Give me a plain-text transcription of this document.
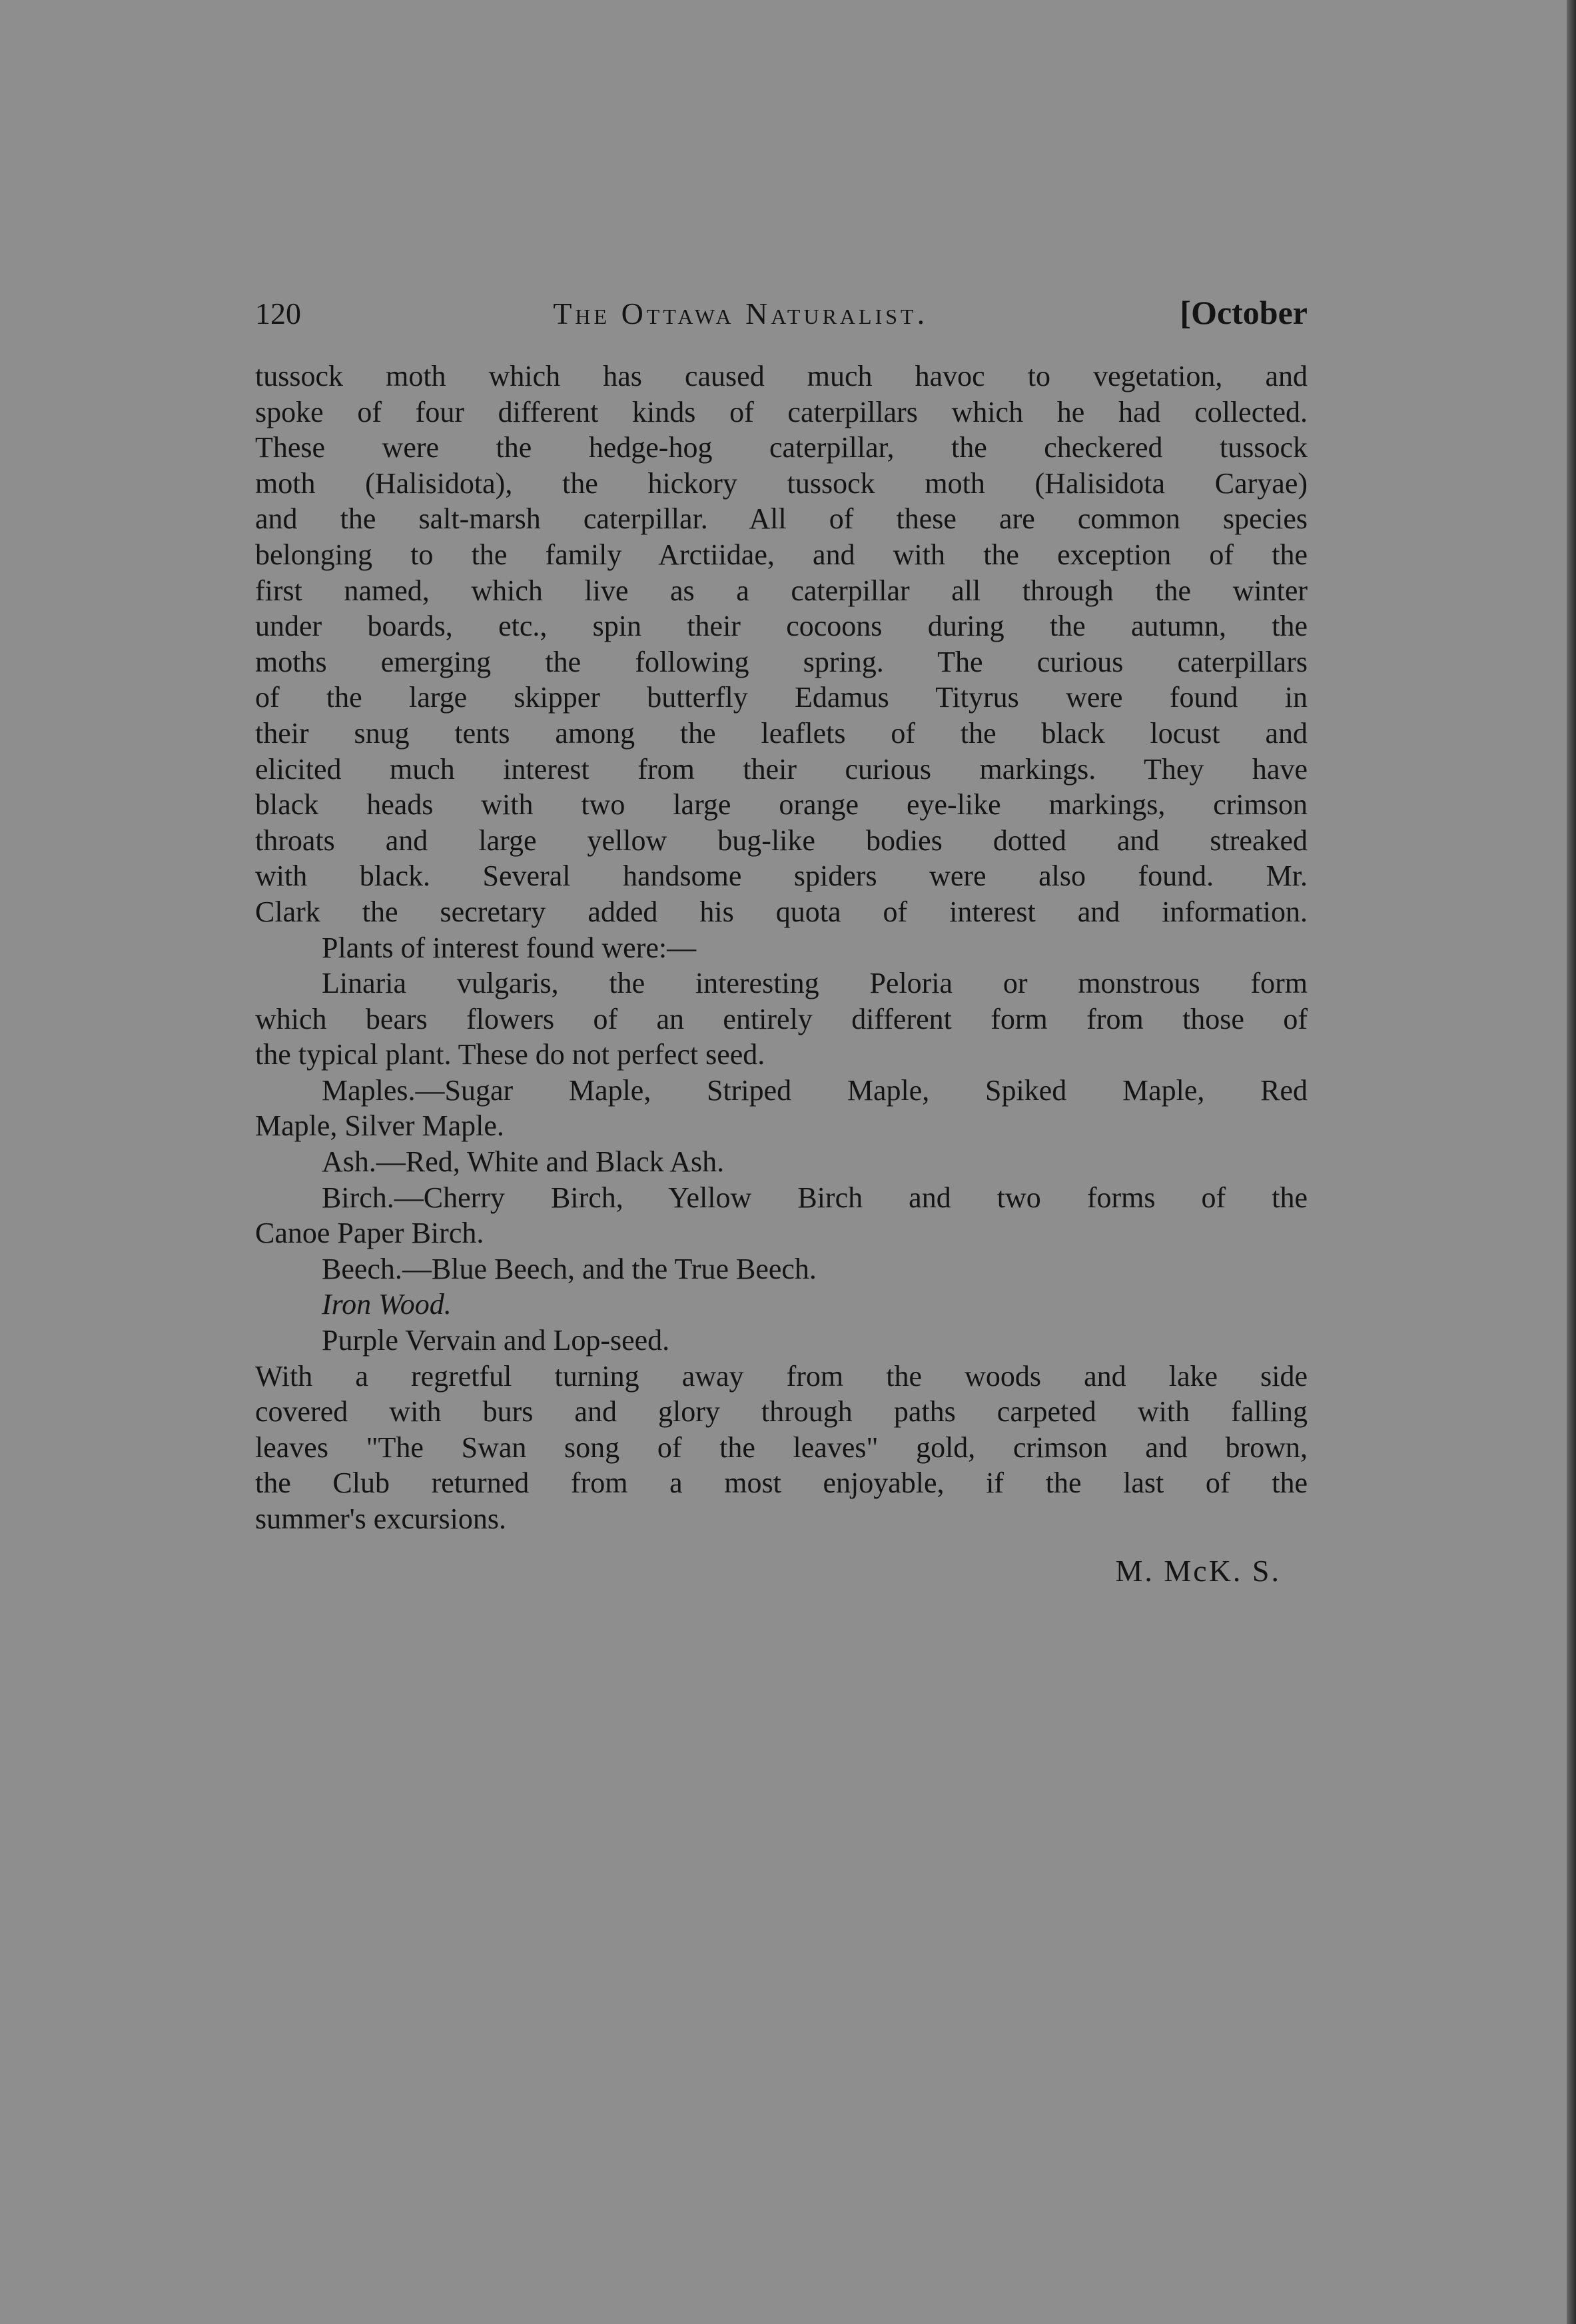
120	The Ottawa Naturalist.	[October
tussock moth which has caused much havoc to vegetation, and
spoke of four different kinds of caterpillars which he had collected.
These were the hedge-hog caterpillar, the checkered tussock
moth (Halisidota), the hickory tussock moth (Halisidota Caryae)
and the salt-marsh caterpillar. All of these are common species
belonging to the family Arctiidae, and with the exception of the
first named, which live as a caterpillar all through the winter
under boards, etc., spin their cocoons during the autumn, the
moths emerging the following spring. The curious caterpillars
of the large skipper butterfly Edamus Tityrus were found in
their snug tents among the leaflets of the black locust and
elicited much interest from their curious markings. They have
black heads with two large orange eye-like markings, crimson
throats and large yellow bug-like bodies dotted and streaked
with black. Several handsome spiders were also found. Mr.
Clark the secretary added his quota of interest and information.
Plants of interest found were:—
Linaria vulgaris, the interesting Peloria or monstrous form
which bears flowers of an entirely different form from those of
the typical plant. These do not perfect seed.
Maples.—Sugar Maple, Striped Maple, Spiked Maple, Red
Maple, Silver Maple.
Ash.—Red, White and Black Ash.
Birch.—Cherry Birch, Yellow Birch and two forms of the
Canoe Paper Birch.
Beech.—Blue Beech, and the True Beech.
Iron Wood.
Purple Vervain and Lop-seed.
With a regretful turning away from the woods and lake side
covered with burs and glory through paths carpeted with falling
leaves "The Swan song of the leaves" gold, crimson and brown,
the Club returned from a most enjoyable, if the last of the
summer's excursions.
M. McK. S.
